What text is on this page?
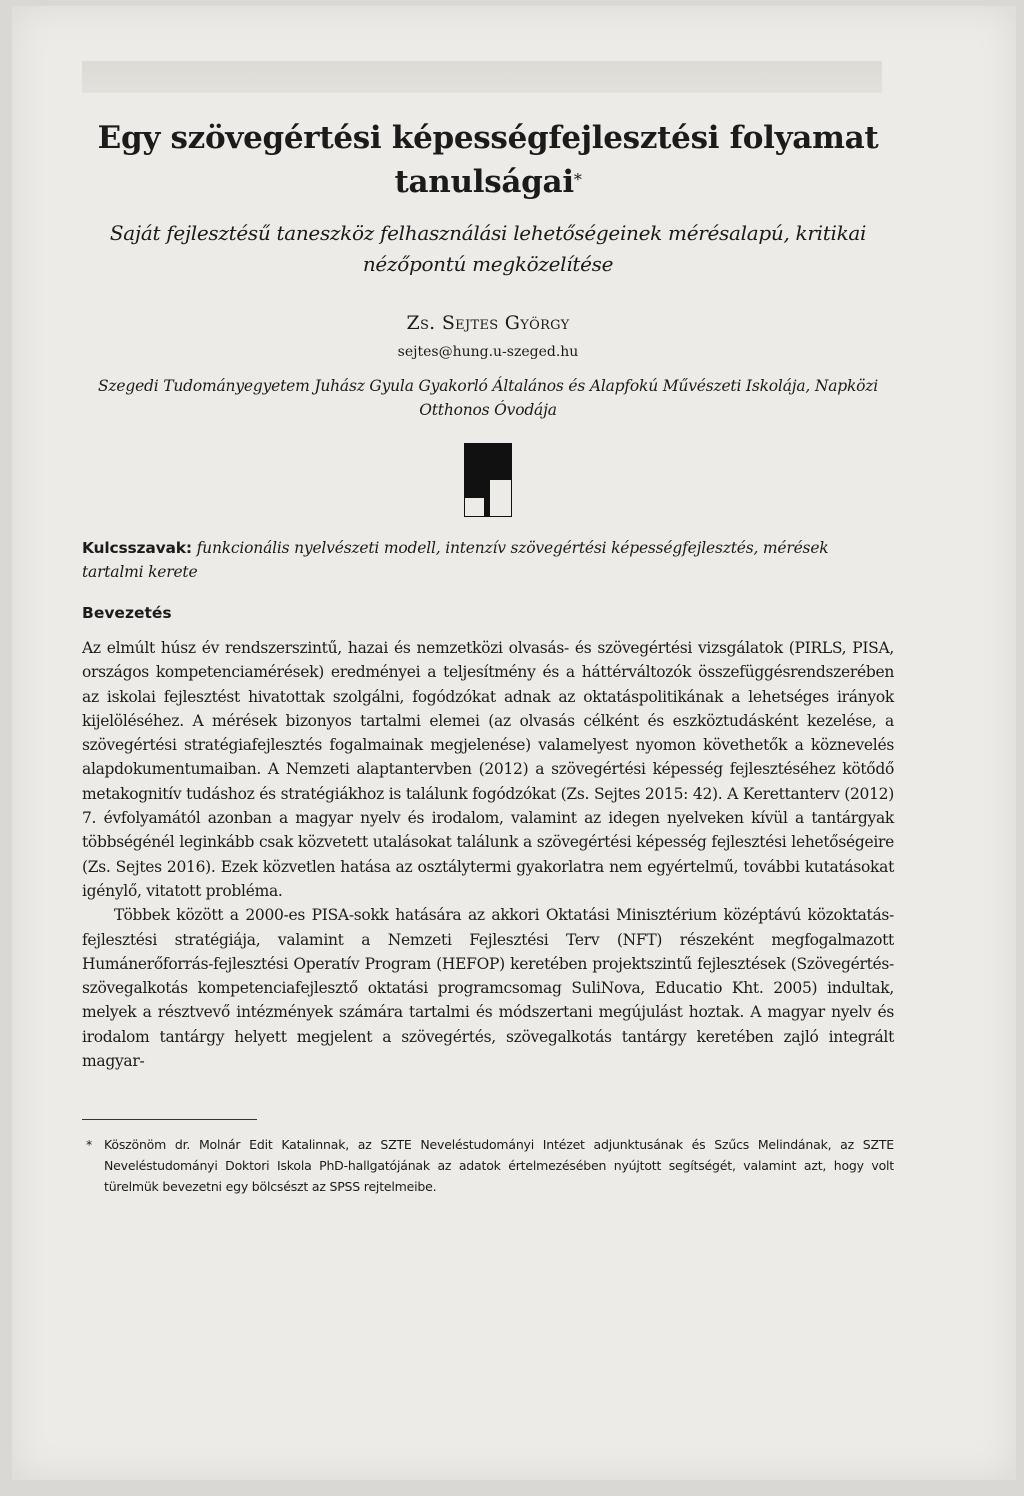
Egy szövegértési képességfejlesztési folyamat tanulságai*

Saját fejlesztésű taneszköz felhasználási lehetőségeinek mérésalapú, kritikai nézőpontú megközelítése

Zs. Sejtes György
sejtes@hung.u-szeged.hu
Szegedi Tudományegyetem Juhász Gyula Gyakorló Általános és Alapfokú Művészeti Iskolája, Napközi Otthonos Óvodája
Kulcsszavak: funkcionális nyelvészeti modell, intenzív szövegértési képességfejlesztés, mérések tartalmi kerete
Bevezetés

Az elmúlt húsz év rendszerszintű, hazai és nemzetközi olvasás- és szövegértési vizsgálatok (PIRLS, PISA, országos kompetenciamérések) eredményei a teljesítmény és a háttérváltozók összefüggésrendszerében az iskolai fejlesztést hivatottak szolgálni, fogódzókat adnak az oktatáspolitikának a lehetséges irányok kijelöléséhez. A mérések bizonyos tartalmi elemei (az olvasás célként és eszköztudásként kezelése, a szövegértési stratégiafejlesztés fogalmainak megjelenése) valamelyest nyomon követhetők a köznevelés alapdokumentumaiban. A Nemzeti alaptantervben (2012) a szövegértési képesség fejlesztéséhez kötődő metakognitív tudáshoz és stratégiákhoz is találunk fogódzókat (Zs. Sejtes 2015: 42). A Kerettanterv (2012) 7. évfolyamától azonban a magyar nyelv és irodalom, valamint az idegen nyelveken kívül a tantárgyak többségénél leginkább csak közvetett utalásokat találunk a szövegértési képesség fejlesztési lehetőségeire (Zs. Sejtes 2016). Ezek közvetlen hatása az osztálytermi gyakorlatra nem egyértelmű, további kutatásokat igénylő, vitatott probléma.

Többek között a 2000-es PISA-sokk hatására az akkori Oktatási Minisztérium középtávú közoktatás-fejlesztési stratégiája, valamint a Nemzeti Fejlesztési Terv (NFT) részeként megfogalmazott Humánerőforrás-fejlesztési Operatív Program (HEFOP) keretében projektszintű fejlesztések (Szövegértés-szövegalkotás kompetenciafejlesztő oktatási programcsomag SuliNova, Educatio Kht. 2005) indultak, melyek a résztvevő intézmények számára tartalmi és módszertani megújulást hoztak. A magyar nyelv és irodalom tantárgy helyett megjelent a szövegértés, szövegalkotás tantárgy keretében zajló integrált magyar-

* Köszönöm dr. Molnár Edit Katalinnak, az SZTE Neveléstudományi Intézet adjunktusának és Szűcs Melindának, az SZTE Neveléstudományi Doktori Iskola PhD-hallgatójának az adatok értelmezésében nyújtott segítségét, valamint azt, hogy volt türelmük bevezetni egy bölcsészt az SPSS rejtelmeibe.
